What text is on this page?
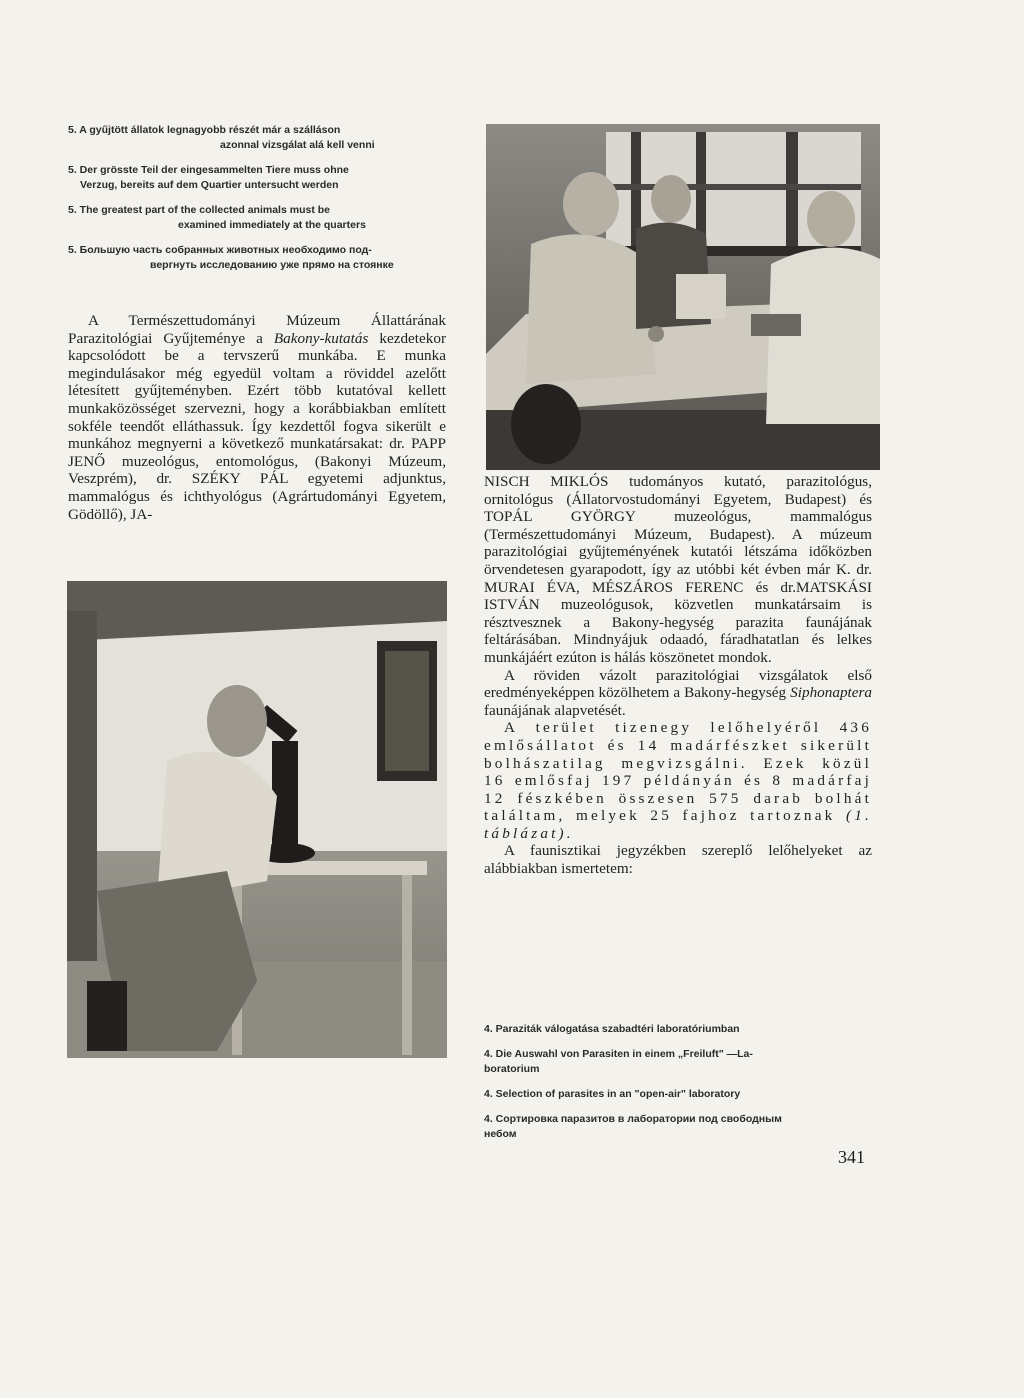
5. A gyűjtött állatok legnagyobb részét már a szálláson
azonnal vizsgálat alá kell venni
5. Der grösste Teil der eingesammelten Tiere muss ohne
Verzug, bereits auf dem Quartier untersucht werden
5. The greatest part of the collected animals must be
examined immediately at the quarters
5. Большую часть собранных животных необходимо под-
вергнуть исследованию уже прямо на стоянке

A Természettudományi Múzeum Állattárának Parazitológiai Gyűjteménye a Bakony-kutatás kezdetekor kapcsolódott be a tervszerű munkába. E munka megindulásakor még egyedül voltam a röviddel azelőtt létesített gyűjteményben. Ezért több kutatóval kellett munkaközösséget szervezni, hogy a korábbiakban említett sokféle teendőt elláthassuk. Így kezdettől fogva sikerült e munkához megnyerni a következő munkatársakat: dr. PAPP JENŐ muzeológus, entomológus, (Bakonyi Múzeum, Veszprém), dr. SZÉKY PÁL egyetemi adjunktus, mammalógus és ichthyológus (Agrártudományi Egyetem, Gödöllő), JA-

NISCH MIKLÓS tudományos kutató, parazitológus, ornitológus (Állatorvostudományi Egyetem, Budapest) és TOPÁL GYÖRGY muzeológus, mammalógus (Természettudományi Múzeum, Budapest). A múzeum parazitológiai gyűjteményének kutatói létszáma időközben örvendetesen gyarapodott, így az utóbbi két évben már K. dr. MURAI ÉVA, MÉSZÁROS FERENC és dr.MATSKÁSI ISTVÁN muzeológusok, közvetlen munkatársaim is résztvesznek a Bakony-hegység parazita faunájának feltárásában. Mindnyájuk odaadó, fáradhatatlan és lelkes munkájáért ezúton is hálás köszönetet mondok.

A röviden vázolt parazitológiai vizsgálatok első eredményeképpen közölhetem a Bakony-hegység Siphonaptera faunájának alapvetését.

A terület tizenegy lelőhelyéről 436 emlősállatot és 14 madárfészket sikerült bolhászatilag megvizsgálni. Ezek közül 16 emlősfaj 197 példányán és 8 madárfaj 12 fészkében összesen 575 darab bolhát találtam, melyek 25 fajhoz tartoznak (1. táblázat).

A faunisztikai jegyzékben szereplő lelőhelyeket az alábbiakban ismertetem:

4. Paraziták válogatása szabadtéri laboratóriumban
4. Die Auswahl von Parasiten in einem „Freiluft" —La-
boratorium
4. Selection of parasites in an "open-air" laboratory
4. Сортировка паразитов в лаборатории под свободным
небом
341
